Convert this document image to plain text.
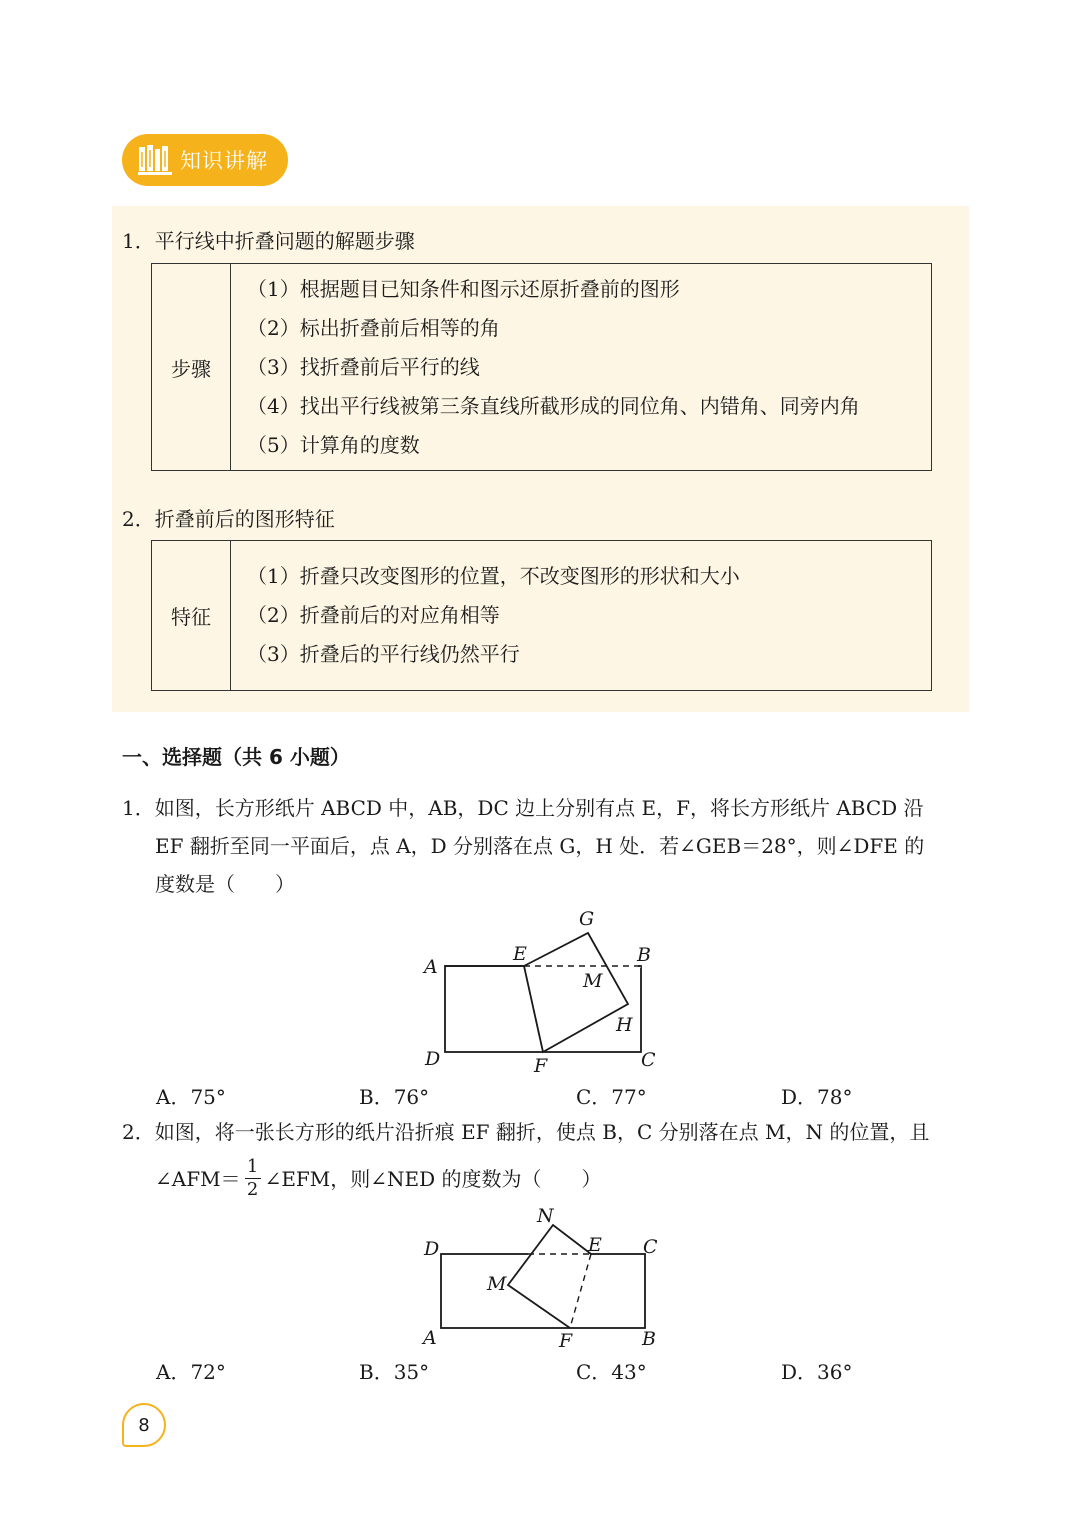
知识讲解
1．平行线中折叠问题的解题步骤
步骤
（1）根据题目已知条件和图示还原折叠前的图形
（2）标出折叠前后相等的角
（3）找折叠前后平行的线
（4）找出平行线被第三条直线所截形成的同位角、内错角、同旁内角
（5）计算角的度数
2．折叠前后的图形特征
特征
（1）折叠只改变图形的位置，不改变图形的形状和大小
（2）折叠前后的对应角相等
（3）折叠后的平行线仍然平行
一、选择题（共 6 小题）
1．如图，长方形纸片 ABCD 中，AB，DC 边上分别有点 E，F，将长方形纸片 ABCD 沿
EF 翻折至同一平面后，点 A，D 分别落在点 G，H 处．若∠GEB＝28°，则∠DFE 的
度数是（　　）
A
B
C
D
E
F
G
H
M
A．75°	B．76°	C．77°	D．78°
2．如图，将一张长方形的纸片沿折痕 EF 翻折，使点 B，C 分别落在点 M，N 的位置，且
∠AFM＝ 1
2 ∠EFM，则∠NED 的度数为（　　）
D	C
A	B
E
F
M
N
A．72°	B．35°	C．43°	D．36°
8
